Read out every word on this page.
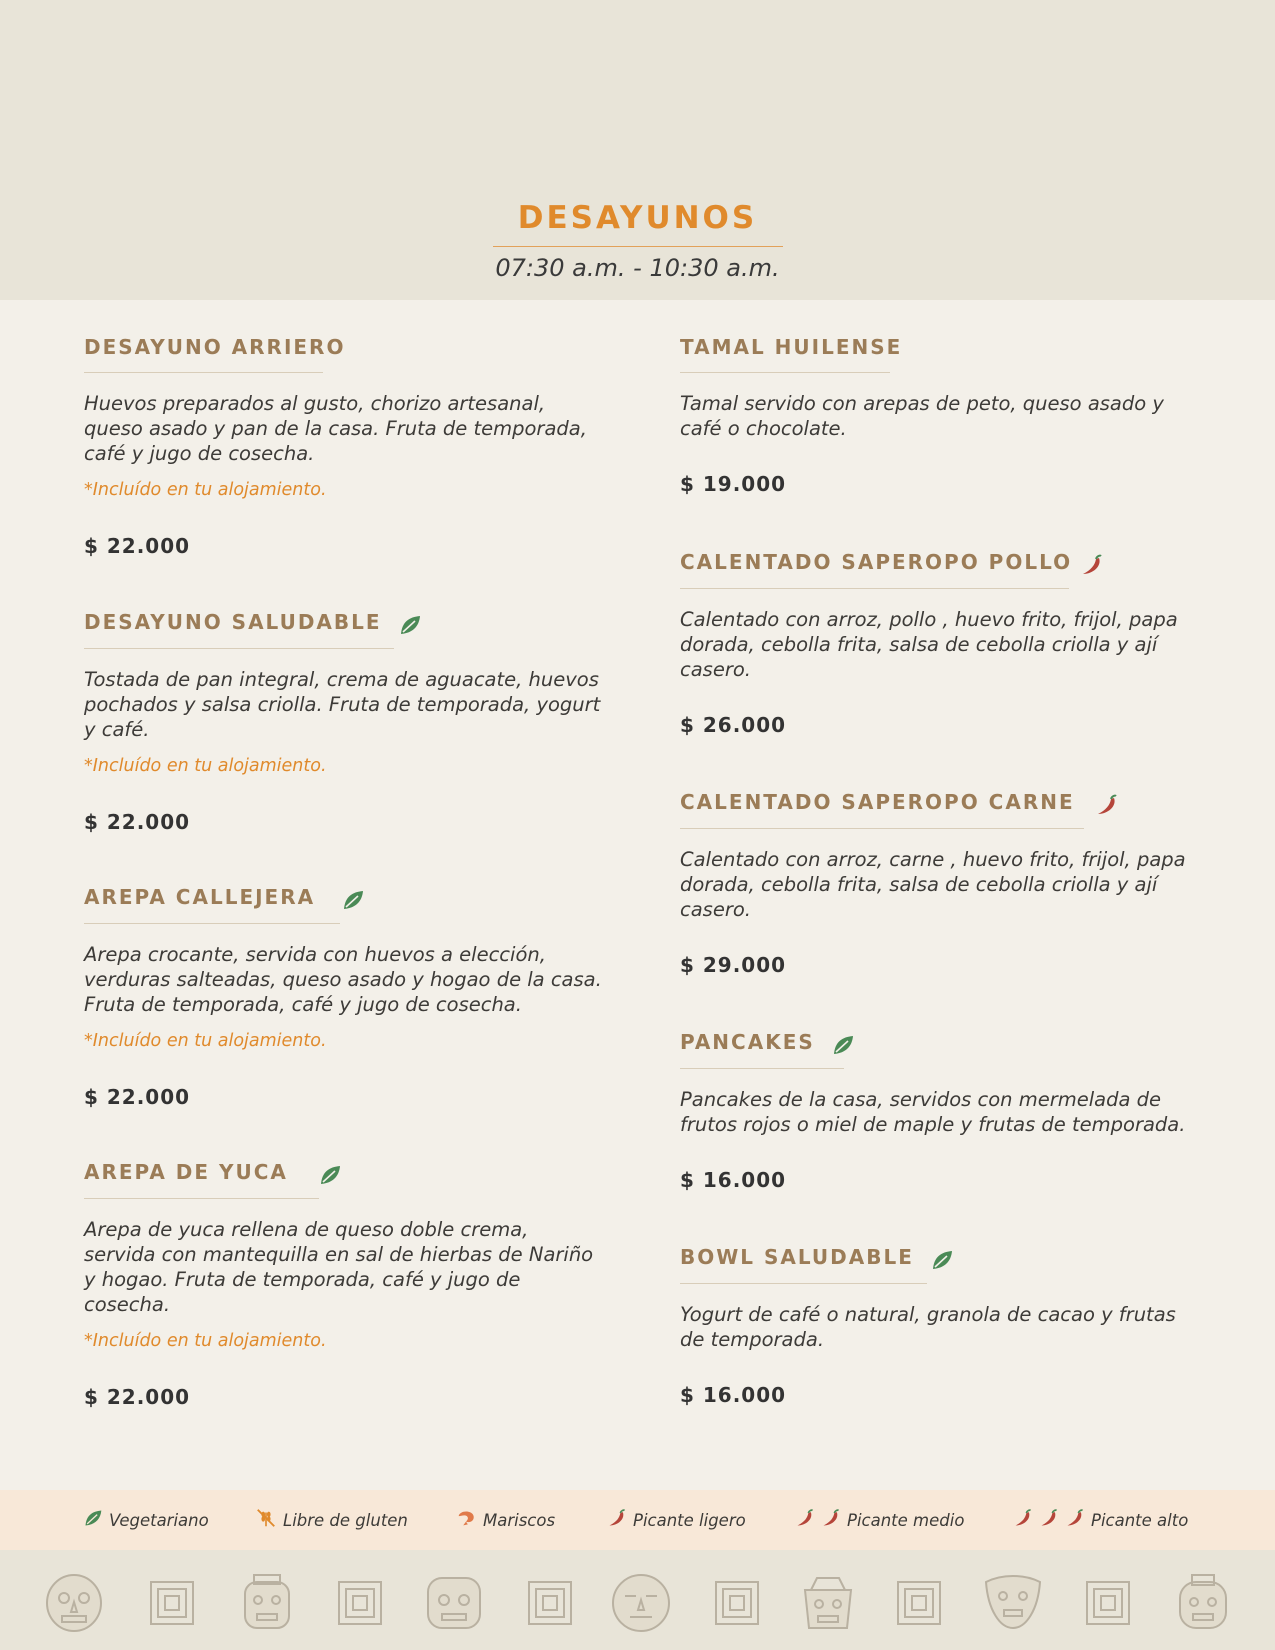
DESAYUNOS
07:30 a.m. - 10:30 a.m.
DESAYUNO ARRIERO
Huevos preparados al gusto, chorizo artesanal, queso asado y pan de la casa. Fruta de temporada, café y jugo de cosecha.
*Incluído en tu alojamiento.
$ 22.000
DESAYUNO SALUDABLE
Tostada de pan integral, crema de aguacate, huevos pochados y salsa criolla. Fruta de temporada, yogurt y café.
*Incluído en tu alojamiento.
$ 22.000
AREPA CALLEJERA
Arepa crocante, servida con huevos a elección, verduras salteadas, queso asado y hogao de la casa. Fruta de temporada, café y jugo de cosecha.
*Incluído en tu alojamiento.
$ 22.000
AREPA DE YUCA
Arepa de yuca rellena de queso doble crema, servida con mantequilla en sal de hierbas de Nariño y hogao. Fruta de temporada, café y jugo de cosecha.
*Incluído en tu alojamiento.
$ 22.000
TAMAL HUILENSE
Tamal servido con arepas de peto, queso asado y café o chocolate.
$ 19.000
CALENTADO SAPEROPO POLLO
Calentado con arroz, pollo , huevo frito, frijol, papa dorada, cebolla frita, salsa de cebolla criolla y ají casero.
$ 26.000
CALENTADO SAPEROPO CARNE
Calentado con arroz, carne , huevo frito, frijol, papa dorada, cebolla frita, salsa de cebolla criolla y ají casero.
$ 29.000
PANCAKES
Pancakes de la casa, servidos con mermelada de frutos rojos o miel de maple y frutas de temporada.
$ 16.000
BOWL SALUDABLE
Yogurt de café o natural, granola de cacao y frutas de temporada.
$ 16.000
Vegetariano	Libre de gluten	Mariscos	Picante ligero	Picante medio	Picante alto
